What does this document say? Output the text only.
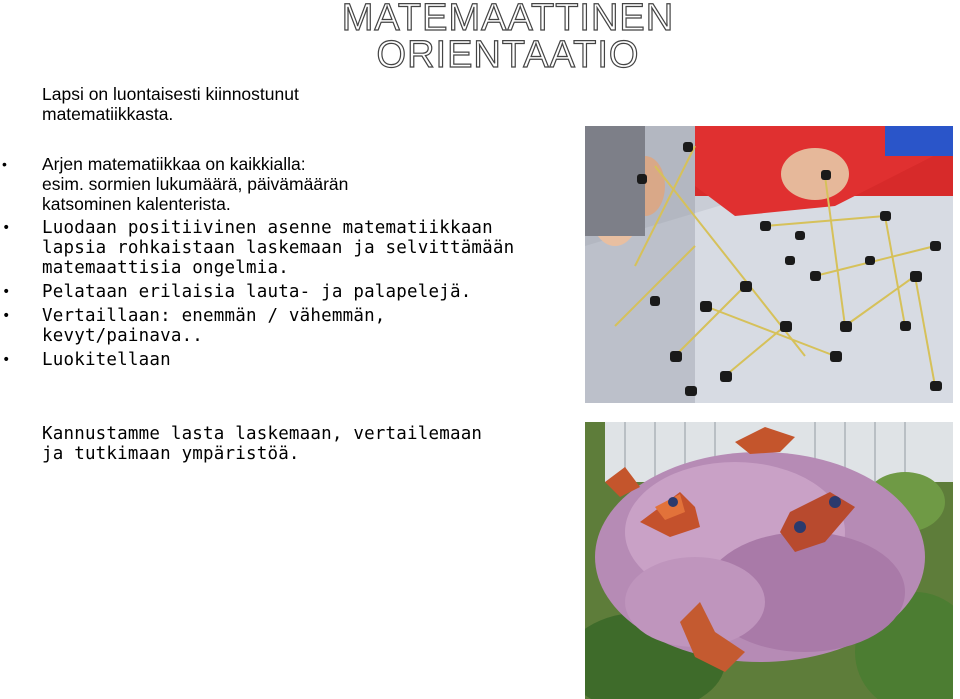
MATEMAATTINEN
ORIENTAATIO
Lapsi on luontaisesti kiinnostunut
matematiikkasta.
• Arjen matematiikkaa on kaikkialla:
esim. sormien lukumäärä, päivämäärän
katsominen kalenterista.
• Luodaan positiivinen asenne matematiikkaan
lapsia rohkaistaan laskemaan ja selvittämään
matemaattisia ongelmia.
• Pelataan erilaisia lauta- ja palapelejä.
• Vertaillaan: enemmän / vähemmän,
kevyt/painava..
• Luokitellaan
Kannustamme lasta laskemaan, vertailemaan
ja tutkimaan ympäristöä.
